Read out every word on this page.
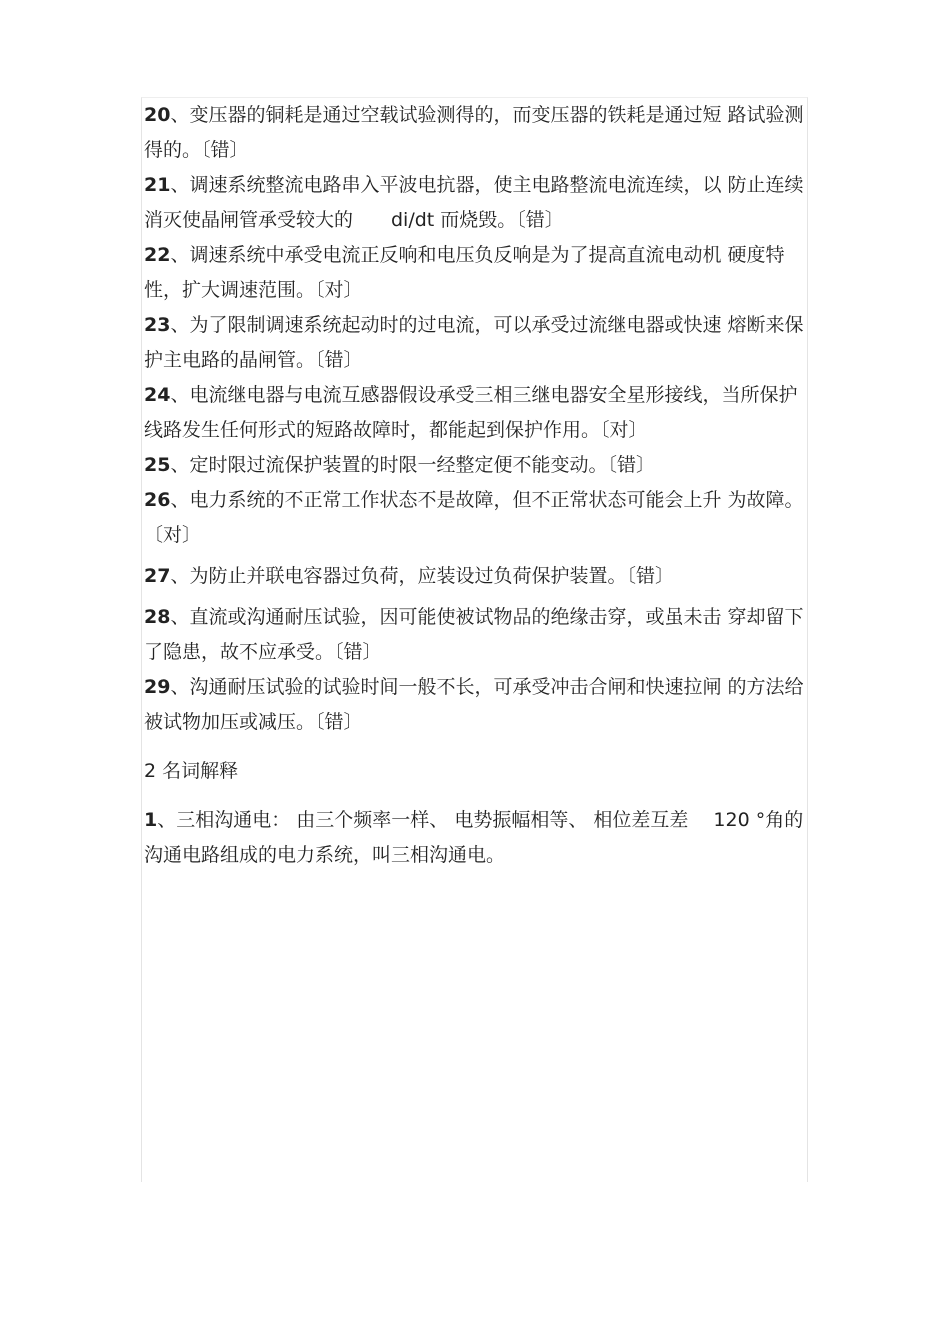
20、变压器的铜耗是通过空载试验测得的，而变压器的铁耗是通过短 路试验测得的。〔错〕

21、调速系统整流电路串入平波电抗器，使主电路整流电流连续，以 防止连续消灭使晶闸管承受较大的　　di/dt 而烧毁。〔错〕

22、调速系统中承受电流正反响和电压负反响是为了提高直流电动机 硬度特性，扩大调速范围。〔对〕

23、为了限制调速系统起动时的过电流，可以承受过流继电器或快速 熔断来保护主电路的晶闸管。〔错〕

24、电流继电器与电流互感器假设承受三相三继电器安全星形接线，当所保护线路发生任何形式的短路故障时，都能起到保护作用。〔对〕

25、定时限过流保护装置的时限一经整定便不能变动。〔错〕

26、电力系统的不正常工作状态不是故障，但不正常状态可能会上升 为故障。〔对〕

27、为防止并联电容器过负荷，应装设过负荷保护装置。〔错〕

28、直流或沟通耐压试验，因可能使被试物品的绝缘击穿，或虽未击 穿却留下了隐患，故不应承受。〔错〕

29、沟通耐压试验的试验时间一般不长，可承受冲击合闸和快速拉闸 的方法给被试物加压或减压。〔错〕

2 名词解释

1、三相沟通电： 由三个频率一样、 电势振幅相等、 相位差互差　 120 °角的沟通电路组成的电力系统，叫三相沟通电。
